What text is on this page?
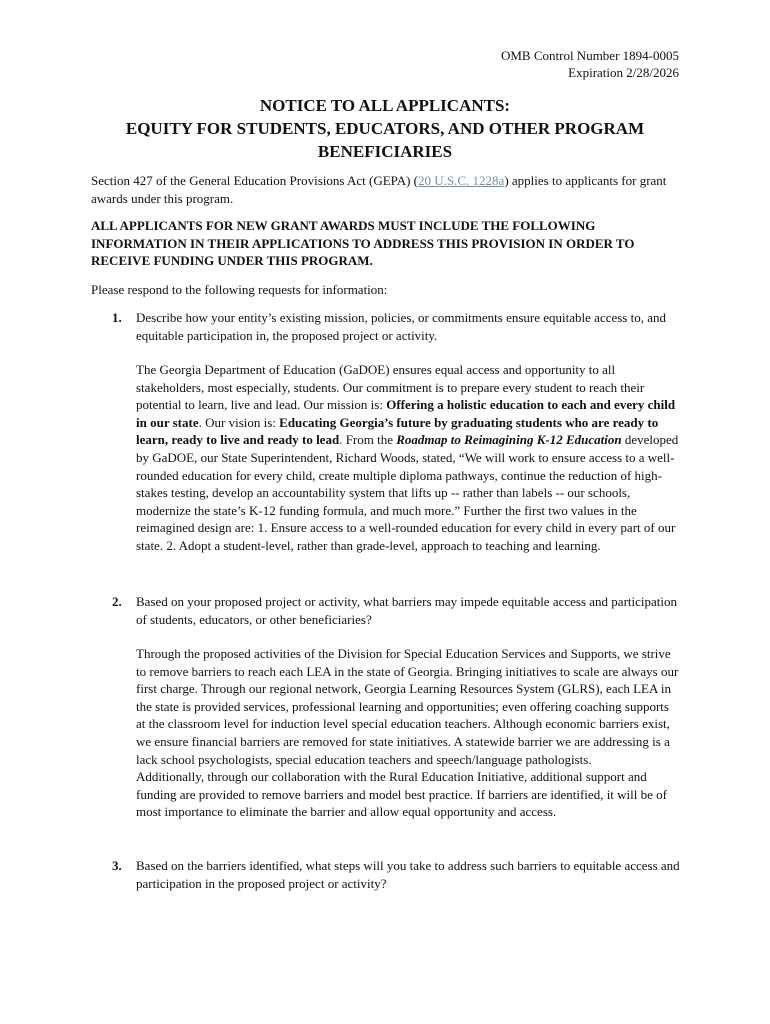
OMB Control Number 1894-0005
Expiration 2/28/2026
NOTICE TO ALL APPLICANTS:
EQUITY FOR STUDENTS, EDUCATORS, AND OTHER PROGRAM
BENEFICIARIES
Section 427 of the General Education Provisions Act (GEPA) (20 U.S.C. 1228a) applies to applicants for grant awards under this program.
ALL APPLICANTS FOR NEW GRANT AWARDS MUST INCLUDE THE FOLLOWING INFORMATION IN THEIR APPLICATIONS TO ADDRESS THIS PROVISION IN ORDER TO RECEIVE FUNDING UNDER THIS PROGRAM.
Please respond to the following requests for information:
1. Describe how your entity’s existing mission, policies, or commitments ensure equitable access to, and equitable participation in, the proposed project or activity.

The Georgia Department of Education (GaDOE) ensures equal access and opportunity to all stakeholders, most especially, students. Our commitment is to prepare every student to reach their potential to learn, live and lead. Our mission is: Offering a holistic education to each and every child in our state. Our vision is: Educating Georgia’s future by graduating students who are ready to learn, ready to live and ready to lead. From the Roadmap to Reimagining K-12 Education developed by GaDOE, our State Superintendent, Richard Woods, stated, “We will work to ensure access to a well-rounded education for every child, create multiple diploma pathways, continue the reduction of high-stakes testing, develop an accountability system that lifts up -- rather than labels -- our schools, modernize the state’s K-12 funding formula, and much more.” Further the first two values in the reimagined design are: 1. Ensure access to a well-rounded education for every child in every part of our state. 2. Adopt a student-level, rather than grade-level, approach to teaching and learning.

2. Based on your proposed project or activity, what barriers may impede equitable access and participation of students, educators, or other beneficiaries?

Through the proposed activities of the Division for Special Education Services and Supports, we strive to remove barriers to reach each LEA in the state of Georgia. Bringing initiatives to scale are always our first charge. Through our regional network, Georgia Learning Resources System (GLRS), each LEA in the state is provided services, professional learning and opportunities; even offering coaching supports at the classroom level for induction level special education teachers. Although economic barriers exist, we ensure financial barriers are removed for state initiatives. A statewide barrier we are addressing is a lack school psychologists, special education teachers and speech/language pathologists.

Additionally, through our collaboration with the Rural Education Initiative, additional support and funding are provided to remove barriers and model best practice. If barriers are identified, it will be of most importance to eliminate the barrier and allow equal opportunity and access.

3. Based on the barriers identified, what steps will you take to address such barriers to equitable access and participation in the proposed project or activity?
